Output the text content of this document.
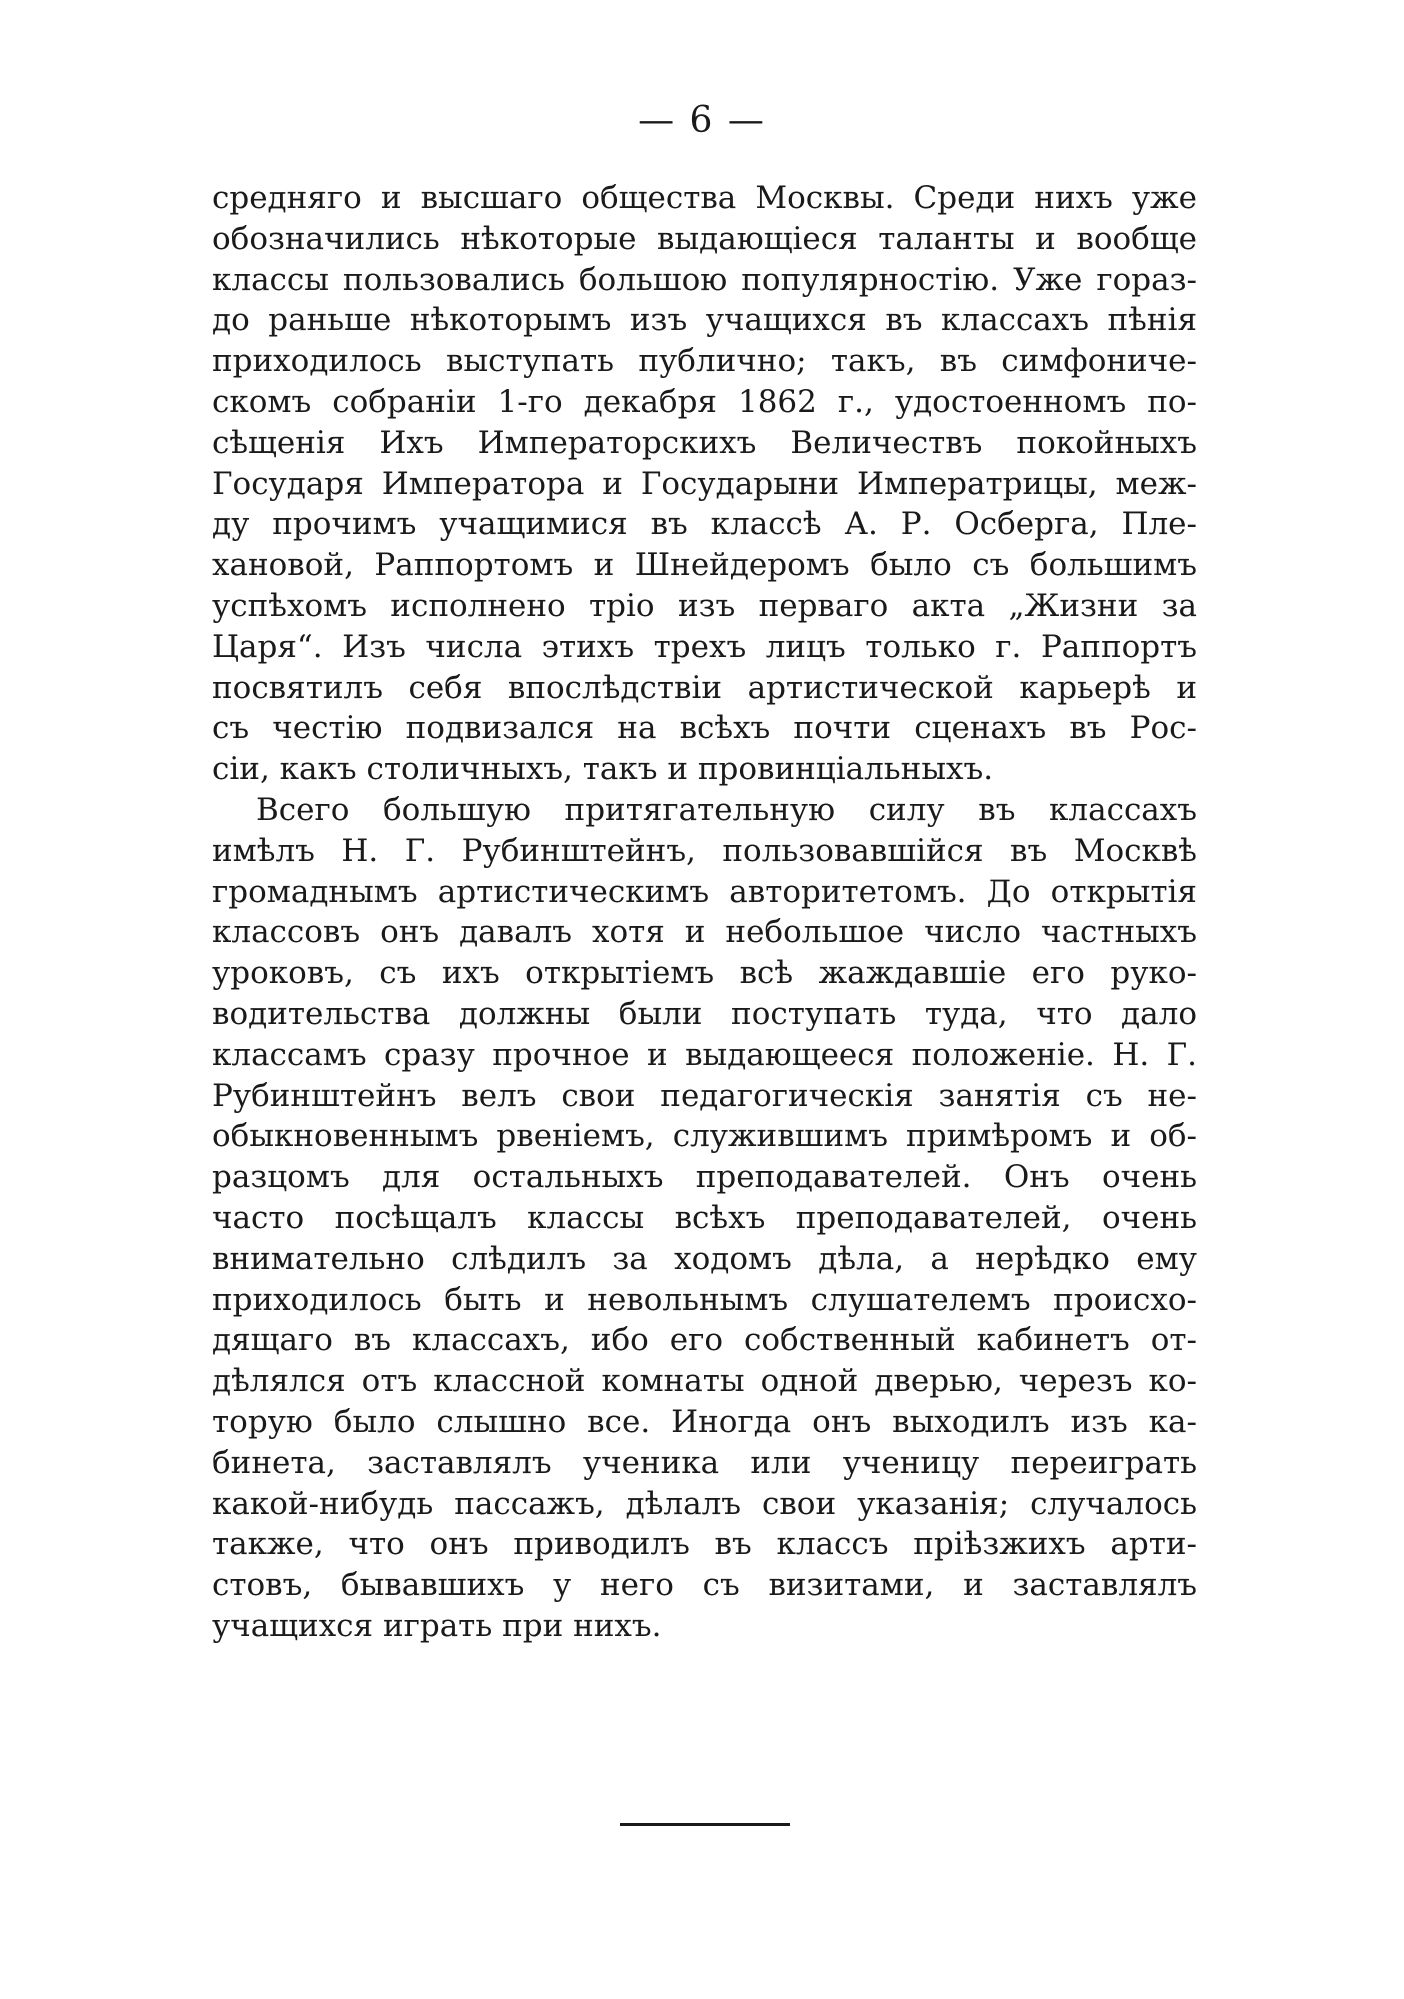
— 6 —
средняго и высшаго общества Москвы. Среди нихъ уже
обозначились нѣкоторые выдающіеся таланты и вообще
классы пользовались большою популярностію. Уже гораз-
до раньше нѣкоторымъ изъ учащихся въ классахъ пѣнія
приходилось выступать публично; такъ, въ симфониче-
скомъ собраніи 1-го декабря 1862 г., удостоенномъ по-
сѣщенія Ихъ Императорскихъ Величествъ покойныхъ
Государя Императора и Государыни Императрицы, меж-
ду прочимъ учащимися въ классѣ А. Р. Осберга, Пле-
хановой, Раппортомъ и Шнейдеромъ было съ большимъ
успѣхомъ исполнено тріо изъ перваго акта „Жизни за
Царя“. Изъ числа этихъ трехъ лицъ только г. Раппортъ
посвятилъ себя впослѣдствіи артистической карьерѣ и
съ честію подвизался на всѣхъ почти сценахъ въ Рос-
сіи, какъ столичныхъ, такъ и провинціальныхъ.
Всего большую притягательную силу въ классахъ
имѣлъ Н. Г. Рубинштейнъ, пользовавшійся въ Москвѣ
громаднымъ артистическимъ авторитетомъ. До открытія
классовъ онъ давалъ хотя и небольшое число частныхъ
уроковъ, съ ихъ открытіемъ всѣ жаждавшіе его руко-
водительства должны были поступать туда, что дало
классамъ сразу прочное и выдающееся положеніе. Н. Г.
Рубинштейнъ велъ свои педагогическія занятія съ не-
обыкновеннымъ рвеніемъ, служившимъ примѣромъ и об-
разцомъ для остальныхъ преподавателей. Онъ очень
часто посѣщалъ классы всѣхъ преподавателей, очень
внимательно слѣдилъ за ходомъ дѣла, а нерѣдко ему
приходилось быть и невольнымъ слушателемъ происхо-
дящаго въ классахъ, ибо его собственный кабинетъ от-
дѣлялся отъ классной комнаты одной дверью, черезъ ко-
торую было слышно все. Иногда онъ выходилъ изъ ка-
бинета, заставлялъ ученика или ученицу переиграть
какой-нибудь пассажъ, дѣлалъ свои указанія; случалось
также, что онъ приводилъ въ классъ пріѣзжихъ арти-
стовъ, бывавшихъ у него съ визитами, и заставлялъ
учащихся играть при нихъ.
